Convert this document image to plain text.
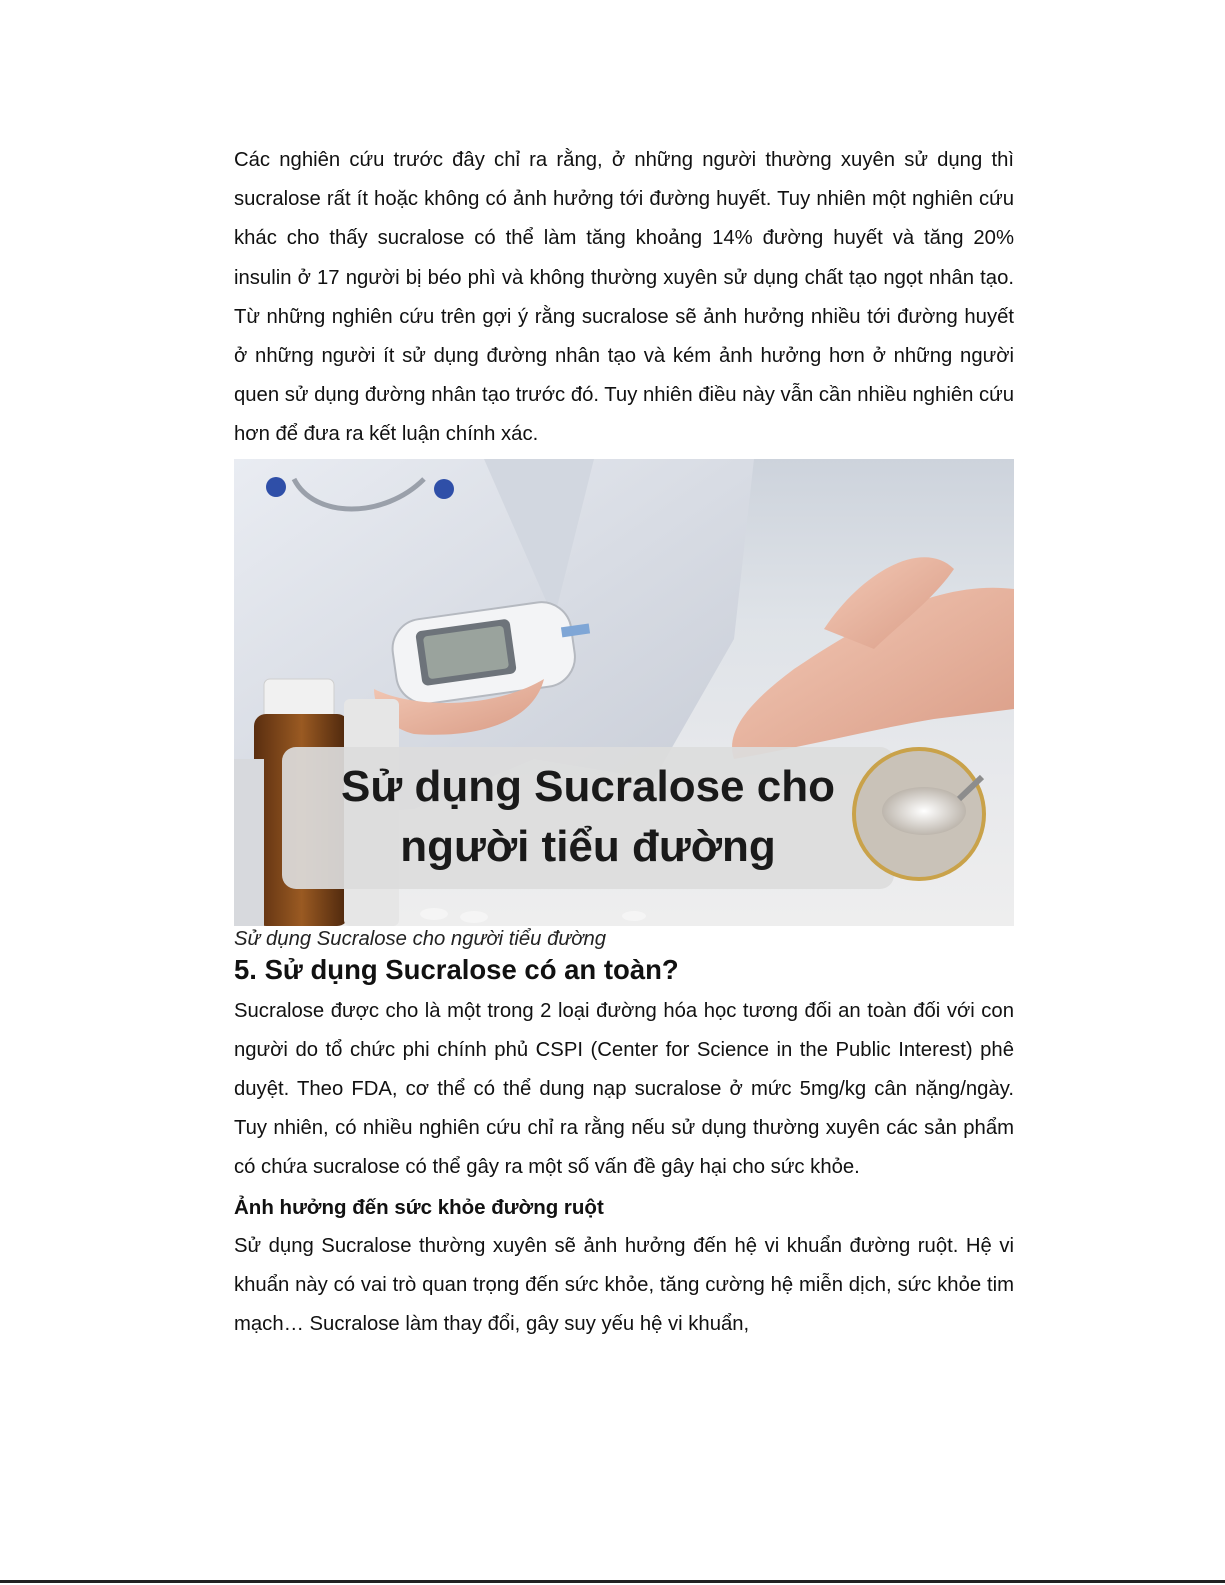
Các nghiên cứu trước đây chỉ ra rằng, ở những người thường xuyên sử dụng thì sucralose rất ít hoặc không có ảnh hưởng tới đường huyết. Tuy nhiên một nghiên cứu khác cho thấy sucralose có thể làm tăng khoảng 14% đường huyết và tăng 20% insulin ở 17 người bị béo phì và không thường xuyên sử dụng chất tạo ngọt nhân tạo. Từ những nghiên cứu trên gợi ý rằng sucralose sẽ ảnh hưởng nhiều tới đường huyết ở những người ít sử dụng đường nhân tạo và kém ảnh hưởng hơn ở những người quen sử dụng đường nhân tạo trước đó. Tuy nhiên điều này vẫn cần nhiều nghiên cứu hơn để đưa ra kết luận chính xác.

Sử dụng Sucralose cho
người tiểu đường

Sử dụng Sucralose cho người tiểu đường

5. Sử dụng Sucralose có an toàn?

Sucralose được cho là một trong 2 loại đường hóa học tương đối an toàn đối với con người do tổ chức phi chính phủ CSPI (Center for Science in the Public Interest) phê duyệt. Theo FDA, cơ thể có thể dung nạp sucralose ở mức 5mg/kg cân nặng/ngày. Tuy nhiên, có nhiều nghiên cứu chỉ ra rằng nếu sử dụng thường xuyên các sản phẩm có chứa sucralose có thể gây ra một số vấn đề gây hại cho sức khỏe.

Ảnh hưởng đến sức khỏe đường ruột

Sử dụng Sucralose thường xuyên sẽ ảnh hưởng đến hệ vi khuẩn đường ruột. Hệ vi khuẩn này có vai trò quan trọng đến sức khỏe, tăng cường hệ miễn dịch, sức khỏe tim mạch… Sucralose làm thay đổi, gây suy yếu hệ vi khuẩn,
